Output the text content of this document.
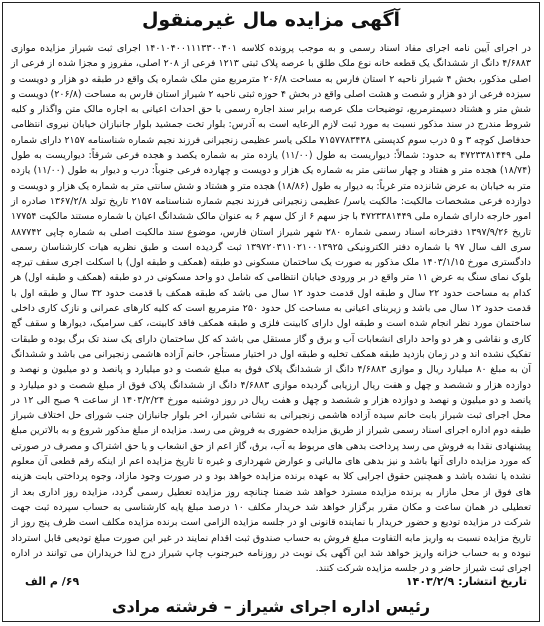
آگهی مزایده مال غیرمنقول
در اجرای آیین نامه اجرای مفاد اسناد رسمی و به موجب پرونده کلاسه ۱۴۰۱۰۴۰۰۱۱۱۳۳۰۰۴۰۱ اجرای ثبت شیراز مزایده موازی ۴/۶۸۸۳ دانگ از ششدانگ یک قطعه خانه نوع ملک طلق با عرصه پلاک ثبتی ۱۲۱۳ فرعی از ۲۰۸ اصلی، مفروز و مجزا شده از فرعی از اصلی مذکور، بخش ۴ شیراز ناحیه ۲ استان فارس به مساحت ۲۰۶/۸ مترمربع متن ملک شماره یک واقع در طبقه دو هزار و دویست و سیزده فرعی از دو هزار و شصت و هشت اصلی واقع در بخش ۴ حوزه ثبتی ناحیه ۲ شیراز استان فارس به مساحت (۲۰۶/۸) دویست و شش متر و هشتاد دسیمترمربع، توضیحات ملک عرصه برابر سند اجاره رسمی با حق احداث اعیانی به اجاره مالک متن واگذار و کلیه شروط مندرج در سند مذکور نسبت به مورد ثبت لازم الرعایه است به آدرس: بلوار تخت جمشید بلوار جانبازان خیابان نیروی انتظامی حدفاصل کوچه ۳ و ۵ درب سوم کدپستی ۷۱۵۷۷۸۳۴۳۸ ملکی یاسر عظیمی زنجیرانی فرزند نجیم شماره شناسنامه ۲۱۵۷ دارای شماره ملی ۴۷۲۳۳۸۱۴۴۹ به حدود: شمالاً: دیواریست به طول (۱۱/۰۰) یازده متر به شماره یکصد و هجده فرعی شرقاً: دیواریست به طول (۱۸/۷۴) هجده متر و هفتاد و چهار سانتی متر به شماره یک هزار و دویست و چهارده فرعی جنوباً: درب و دیوار به طول (۱۱/۰۰) یازده متر به خیابان به عرض شانزده متر غرباً: به دیوار به طول (۱۸/۸۶) هجده متر و هشتاد و شش سانتی متر به شماره یک هزار و دویست و دوازده فرعی مشخصات مالکیت: مالکیت یاسر/ عظیمی زنجیرانی فرزند نجیم شماره شناسنامه ۲۱۵۷ تاریخ تولد ۱۳۶۷/۲/۸ صادره از امور خارجه دارای شماره ملی ۴۷۲۳۳۸۱۴۴۹ با جز سهم ۶ از کل سهم ۶ به عنوان مالک ششدانگ اعیان با شماره مستند مالکیت ۱۷۷۵۴ تاریخ ۱۳۹۷/۹/۲۶ دفترخانه اسناد رسمی شماره ۲۸۰ شهر شیراز استان فارس، موضوع سند مالکیت اصلی به شماره چاپی ۸۸۷۷۴۲ سری الف سال ۹۷ با شماره دفتر الکترونیکی ۱۳۹۷۲۰۳۱۱۰۲۱۰۰۱۳۹۲۵ ثبت گردیده است و طبق نظریه هیات کارشناسان رسمی دادگستری مورخ ۱۴۰۳/۱/۱۵ ملک مذکور به صورت یک ساختمان مسکونی دو طبقه (همکف و طبقه اول) با اسکلت اجری سقف تیرچه بلوک نمای سنگ به عرض ۱۱ متر واقع در بر ورودی خیابان انتظامی که شامل دو واحد مسکونی در دو طبقه (همکف و طبقه اول) هر کدام به مساحت حدود ۲۲ سال و طبقه اول قدمت حدود ۱۲ سال می باشد که طبقه همکف با قدمت حدود ۳۲ سال و طبقه اول با قدمت حدود ۱۲ سال می باشد و زیربنای اعیانی به مساحت کل حدود ۲۵۰ مترمربع است که کلیه کارهای عمرانی و نازک کاری داخلی ساختمان مورد نظر انجام شده است و طبقه اول دارای کابینت فلزی و طبقه همکف فاقد کابینت، کف سرامیک، دیوارها و سقف گچ کاری و نقاشی و هر دو واحد دارای انشعابات آب و برق و گاز مستقل می باشد که کل ساختمان دارای یک سند تک برگ بوده و طبقات تفکیک نشده اند و در زمان بازدید طبقه همکف تخلیه و طبقه اول در اختیار مستأجر، خانم آزاده هاشمی زنجیرانی می باشد و ششدانگ آن به مبلغ ۸۰ میلیارد ریال و موازی ۴/۶۸۸۳ دانگ از ششدانگ پلاک فوق به مبلغ شصت و دو میلیارد و پانصد و دو میلیون و نهصد و دوازده هزار و ششصد و چهل و هفت ریال ارزیابی گردیده موازی ۴/۶۸۸۳ دانگ از ششدانگ پلاک فوق از مبلغ شصت و دو میلیارد و پانصد و دو میلیون و نهصد و دوازده هزار و ششصد و چهل و هفت ریال در روز دوشنبه مورخ ۱۴۰۳/۲/۲۴ از ساعت ۹ صبح الی ۱۲ در محل اجرای ثبت شیراز بابت خانم سیده آزاده هاشمی زنجیرانی به نشانی شیراز، اخر بلوار جانبازان جنب شورای حل اختلاف شیراز طبقه دوم اداره اجرای اسناد رسمی شیراز از طریق مزایده حضوری به فروش می رسد. مزایده از مبلغ مذکور شروع و به بالاترین مبلغ پیشنهادی نقدا به فروش می رسد پرداخت بدهی های مربوط به آب، برق، گاز اعم از حق انشعاب و یا حق اشتراک و مصرف در صورتی که مورد مزایده دارای آنها باشد و نیز بدهی های مالیاتی و عوارض شهرداری و غیره تا تاریخ مزایده اعم از اینکه رقم قطعی آن معلوم نشده یا نشده باشد و همچنین حقوق اجرایی کلا به عهده برنده مزایده خواهد بود و در صورت وجود مازاد، وجوه پرداختی بابت هزینه های فوق از محل مازار به برنده مزایده مسترد خواهد شد ضمنا چنانچه روز مزایده تعطیل رسمی گردد، مزایده روز اداری بعد از تعطیلی در همان ساعت و مکان مقرر برگزار خواهد شد خریدار مکلف ۱۰ درصد مبلغ پایه کارشناسی به حساب سپرده ثبت جهت شرکت در مزایده تودیع و حضور خریدار با نماینده قانونی او در جلسه مزایده الزامی است برنده مزایده مکلف است ظرف پنج روز از تاریخ مزایده نسبت به واریز مابه التفاوت مبلغ فروش به حساب صندوق ثبت اقدام نمایند در غیر این صورت مبلغ تودیعی قابل استرداد نبوده و به حساب خزانه واریز خواهد شد این آگهی یک نوبت در روزنامه خبرجنوب چاپ شیراز درج لذا خریداران می توانند در اداره اجرای ثبت شیراز حاضر و در جلسه مزایده شرکت کنند.
تاریخ انتشار: ۱۴۰۳/۲/۹
۶۹/ م الف
رئیس اداره اجرای شیراز – فرشته مرادی
